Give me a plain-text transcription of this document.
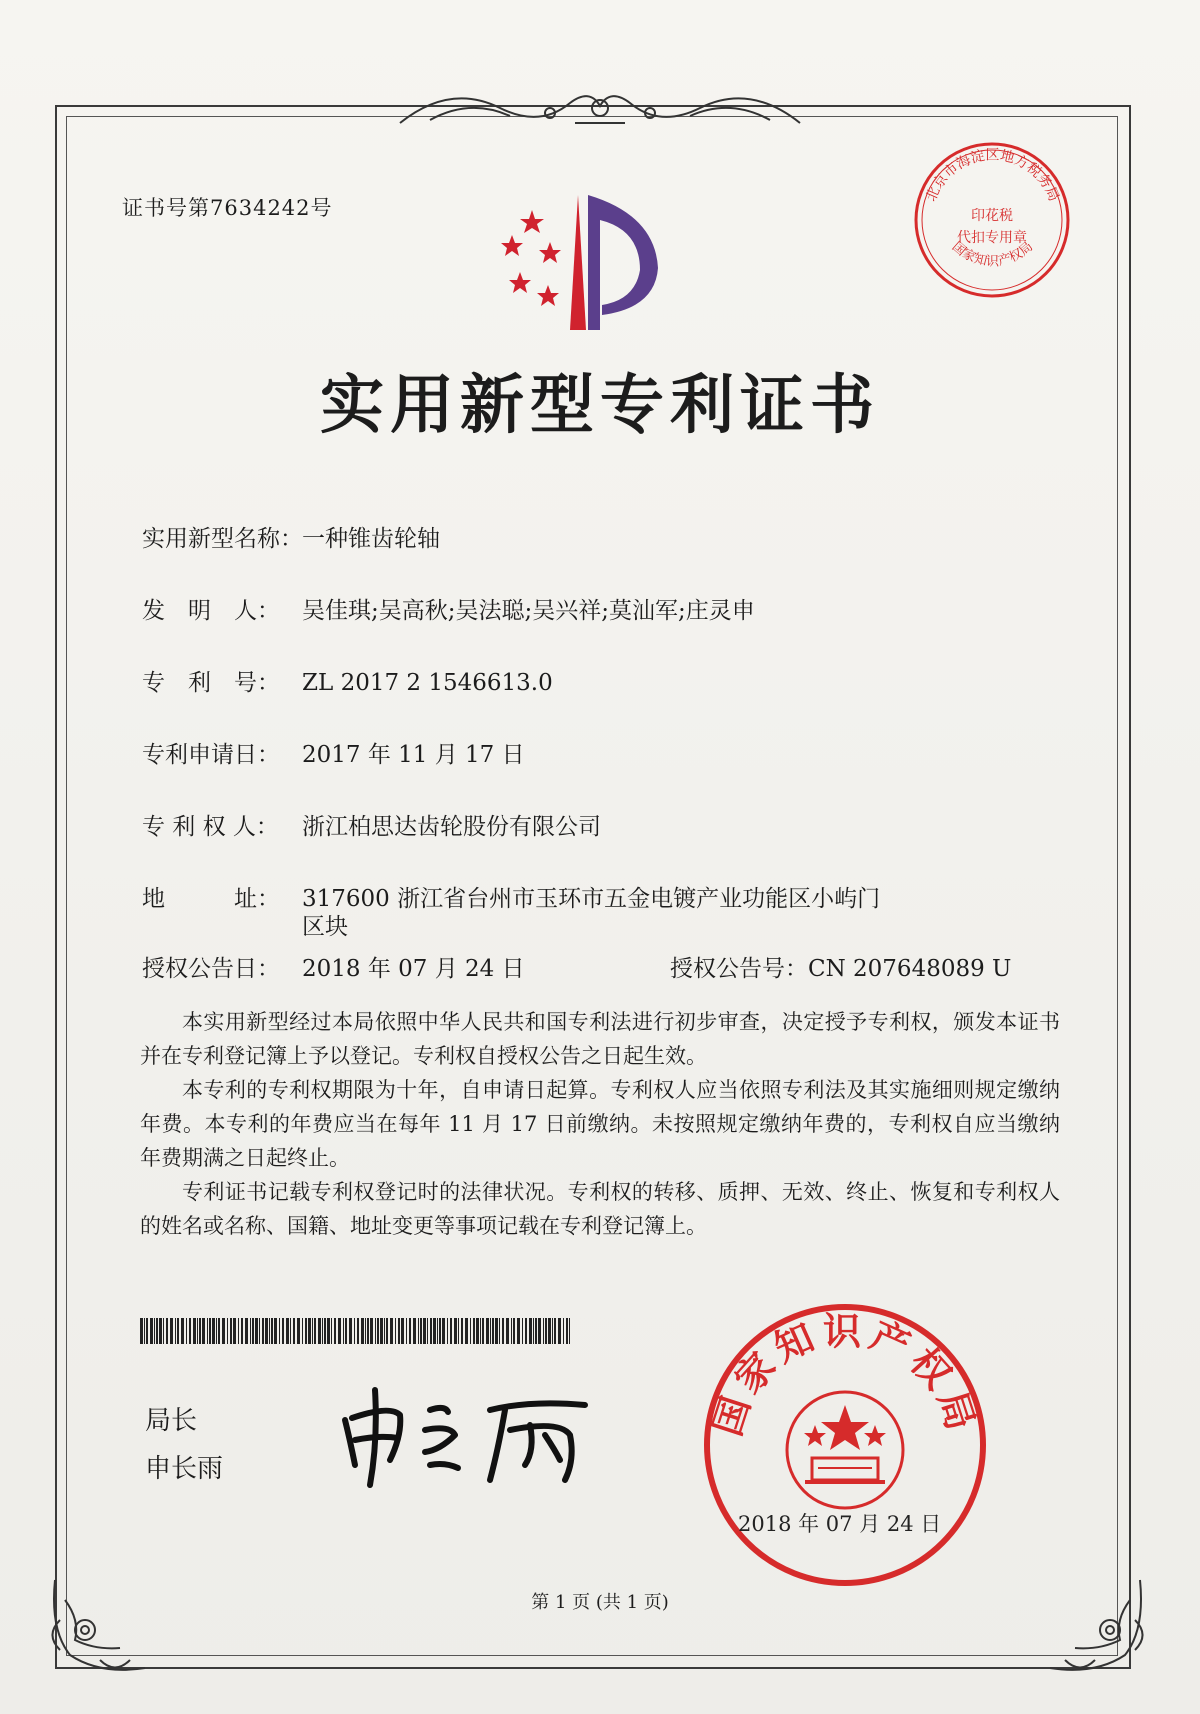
证书号第7634242号
北京市海淀区地方税务局
国家知识产权局
印花税
代扣专用章
实用新型专利证书
实用新型名称：一种锥齿轮轴
发　明　人： 吴佳琪;吴高秋;吴法聪;吴兴祥;莫汕军;庄灵申
专　利　号： ZL 2017 2 1546613.0
专利申请日： 2017 年 11 月 17 日
专 利 权 人： 浙江柏思达齿轮股份有限公司
地　　　址： 317600 浙江省台州市玉环市五金电镀产业功能区小屿门
区块
授权公告日： 2018 年 07 月 24 日	授权公告号：CN 207648089 U

本实用新型经过本局依照中华人民共和国专利法进行初步审查，决定授予专利权，颁发本证书并在专利登记簿上予以登记。专利权自授权公告之日起生效。

本专利的专利权期限为十年，自申请日起算。专利权人应当依照专利法及其实施细则规定缴纳年费。本专利的年费应当在每年 11 月 17 日前缴纳。未按照规定缴纳年费的，专利权自应当缴纳年费期满之日起终止。

专利证书记载专利权登记时的法律状况。专利权的转移、质押、无效、终止、恢复和专利权人的姓名或名称、国籍、地址变更等事项记载在专利登记簿上。

局长
申长雨
国家知识产权局
2018 年 07 月 24 日
第 1 页 (共 1 页)
